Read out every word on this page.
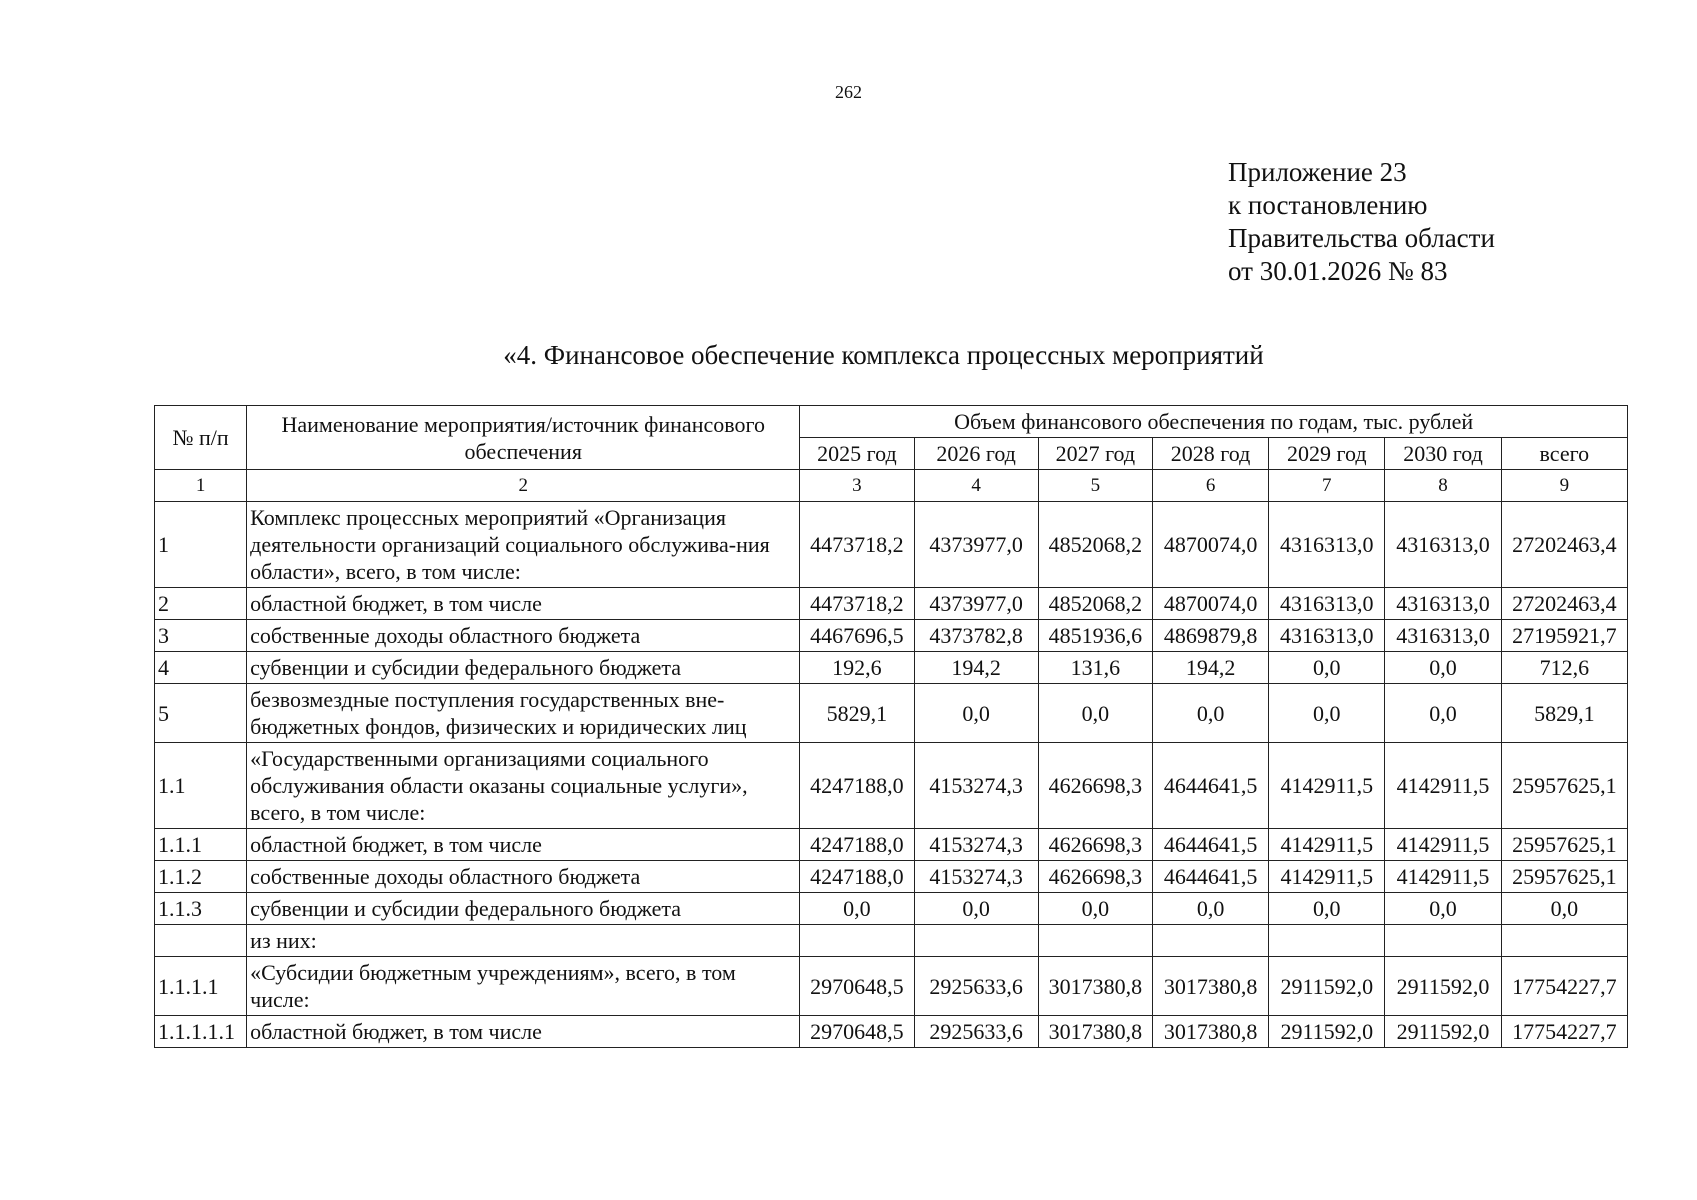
262
Приложение 23
к постановлению
Правительства области
от 30.01.2026 № 83
«4. Финансовое обеспечение комплекса процессных мероприятий
№ п/п	Наименование мероприятия/источник финансового обеспечения	Объем финансового обеспечения по годам, тыс. рублей						
		2025 год	2026 год	2027 год	2028 год	2029 год	2030 год	всего
1	2	3	4	5	6	7	8	9
1	Комплекс процессных мероприятий «Организация деятельности организаций социального обслужива-ния области», всего, в том числе:	4473718,2	4373977,0	4852068,2	4870074,0	4316313,0	4316313,0	27202463,4
2	областной бюджет, в том числе	4473718,2	4373977,0	4852068,2	4870074,0	4316313,0	4316313,0	27202463,4
3	собственные доходы областного бюджета	4467696,5	4373782,8	4851936,6	4869879,8	4316313,0	4316313,0	27195921,7
4	субвенции и субсидии федерального бюджета	192,6	194,2	131,6	194,2	0,0	0,0	712,6
5	безвозмездные поступления государственных вне-бюджетных фондов, физических и юридических лиц	5829,1	0,0	0,0	0,0	0,0	0,0	5829,1
1.1	«Государственными организациями социального обслуживания области оказаны социальные услуги», всего, в том числе:	4247188,0	4153274,3	4626698,3	4644641,5	4142911,5	4142911,5	25957625,1
1.1.1	областной бюджет, в том числе	4247188,0	4153274,3	4626698,3	4644641,5	4142911,5	4142911,5	25957625,1
1.1.2	собственные доходы областного бюджета	4247188,0	4153274,3	4626698,3	4644641,5	4142911,5	4142911,5	25957625,1
1.1.3	субвенции и субсидии федерального бюджета	0,0	0,0	0,0	0,0	0,0	0,0	0,0
	из них:							
1.1.1.1	«Субсидии бюджетным учреждениям», всего, в том числе:	2970648,5	2925633,6	3017380,8	3017380,8	2911592,0	2911592,0	17754227,7
1.1.1.1.1	областной бюджет, в том числе	2970648,5	2925633,6	3017380,8	3017380,8	2911592,0	2911592,0	17754227,7
